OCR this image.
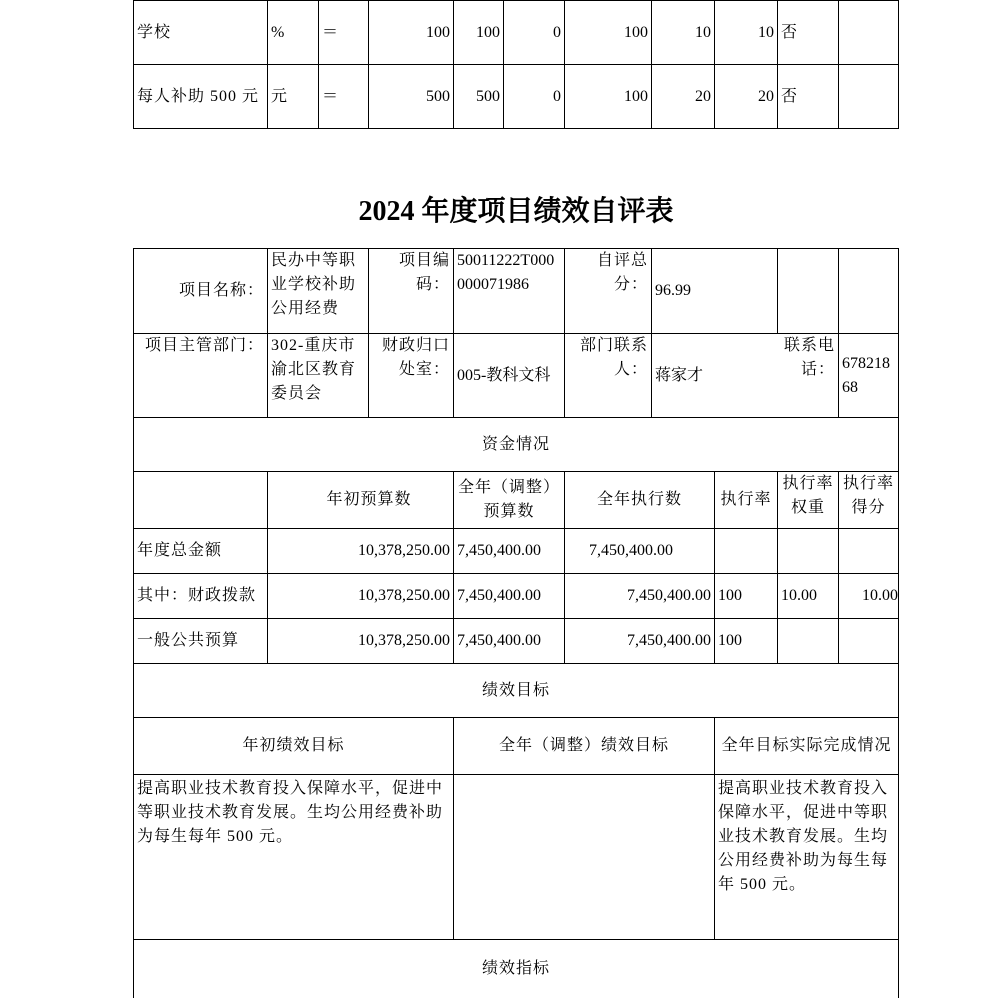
学校	%	＝	100	100	0	100	10	10	否	
每人补助 500 元	元	＝	500	500	0	100	20	20	否	
2024 年度项目绩效自评表
项目名称：	民办中等职业学校补助公用经费	项目编码：	50011222T000000071986	自评总分：	96.99			
项目主管部门：	302-重庆市渝北区教育委员会	财政归口处室：	005-教科文科	部门联系人：	蒋家才		联系电话：	67821868
资金情况								
	年初预算数		全年（调整）预算数	全年执行数		执行率	执行率权重	执行率得分
年度总金额	10,378,250.00		7,450,400.00	7,450,400.00				
其中：财政拨款	10,378,250.00		7,450,400.00	7,450,400.00		100	10.00	10.00
一般公共预算	10,378,250.00		7,450,400.00	7,450,400.00		100		
绩效目标								
年初绩效目标			全年（调整）绩效目标			全年目标实际完成情况		
提高职业技术教育投入保障水平，促进中等职业技术教育发展。生均公用经费补助为每生每年 500 元。						提高职业技术教育投入保障水平，促进中等职业技术教育发展。生均公用经费补助为每生每年 500 元。		
绩效指标								
